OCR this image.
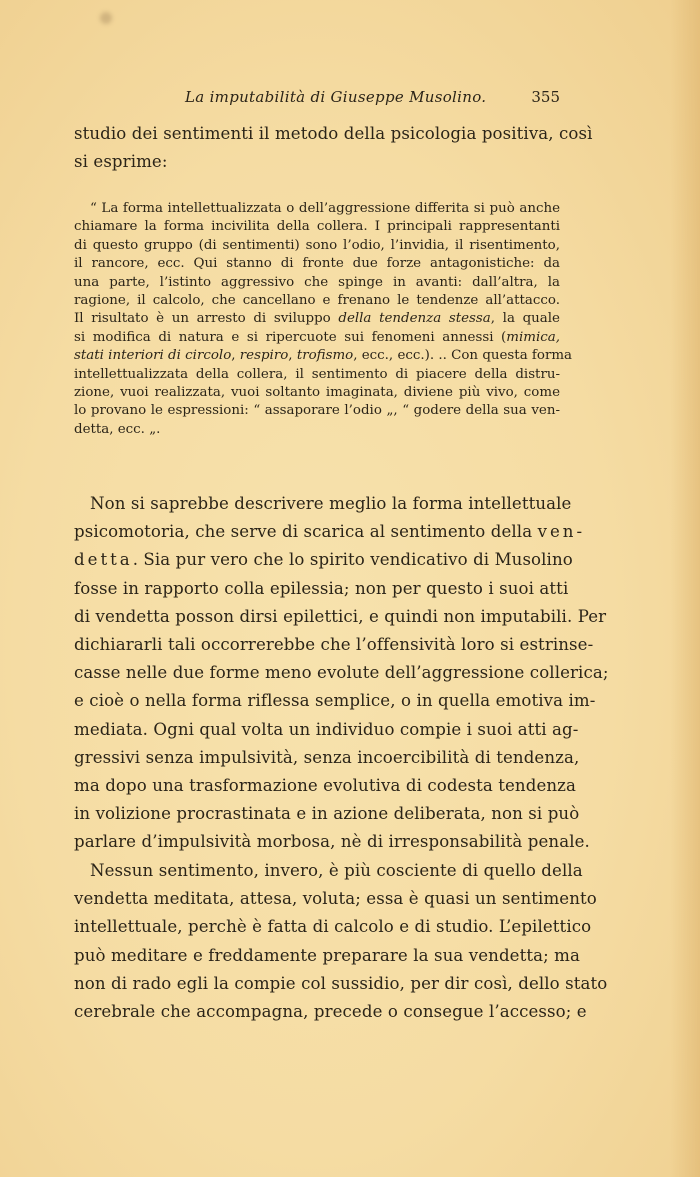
La imputabilità di Giuseppe Musolino.	355
studio dei sentimenti il metodo della psicologia positiva, così
si esprime:
“ La forma intellettualizzata o dell’aggressione differita si può anche
chiamare la forma incivilita della collera. I principali rappresentanti
di questo gruppo (di sentimenti) sono l’odio, l’invidia, il risentimento,
il rancore, ecc. Qui stanno di fronte due forze antagonistiche: da
una parte, l’istinto aggressivo che spinge in avanti: dall’altra, la
ragione, il calcolo, che cancellano e frenano le tendenze all’attacco.
Il risultato è un arresto di sviluppo della tendenza stessa, la quale
si modifica di natura e si ripercuote sui fenomeni annessi (mimica,
stati interiori di circolo, respiro, trofismo, ecc., ecc.). .. Con questa forma
intellettualizzata della collera, il sentimento di piacere della distru-
zione, vuoi realizzata, vuoi soltanto imaginata, diviene più vivo, come
lo provano le espressioni: “ assaporare l’odio „, “ godere della sua ven-
detta, ecc. „.
Non si saprebbe descrivere meglio la forma intellettuale
psicomotoria, che serve di scarica al sentimento della ven-
detta. Sia pur vero che lo spirito vendicativo di Musolino
fosse in rapporto colla epilessia; non per questo i suoi atti
di vendetta posson dirsi epilettici, e quindi non imputabili. Per
dichiararli tali occorrerebbe che l’offensività loro si estrinse-
casse nelle due forme meno evolute dell’aggressione collerica;
e cioè o nella forma riflessa semplice, o in quella emotiva im-
mediata. Ogni qual volta un individuo compie i suoi atti ag-
gressivi senza impulsività, senza incoercibilità di tendenza,
ma dopo una trasformazione evolutiva di codesta tendenza
in volizione procrastinata e in azione deliberata, non si può
parlare d’impulsività morbosa, nè di irresponsabilità penale.
Nessun sentimento, invero, è più cosciente di quello della
vendetta meditata, attesa, voluta; essa è quasi un sentimento
intellettuale, perchè è fatta di calcolo e di studio. L’epilettico
può meditare e freddamente preparare la sua vendetta; ma
non di rado egli la compie col sussidio, per dir così, dello stato
cerebrale che accompagna, precede o consegue l’accesso; e
